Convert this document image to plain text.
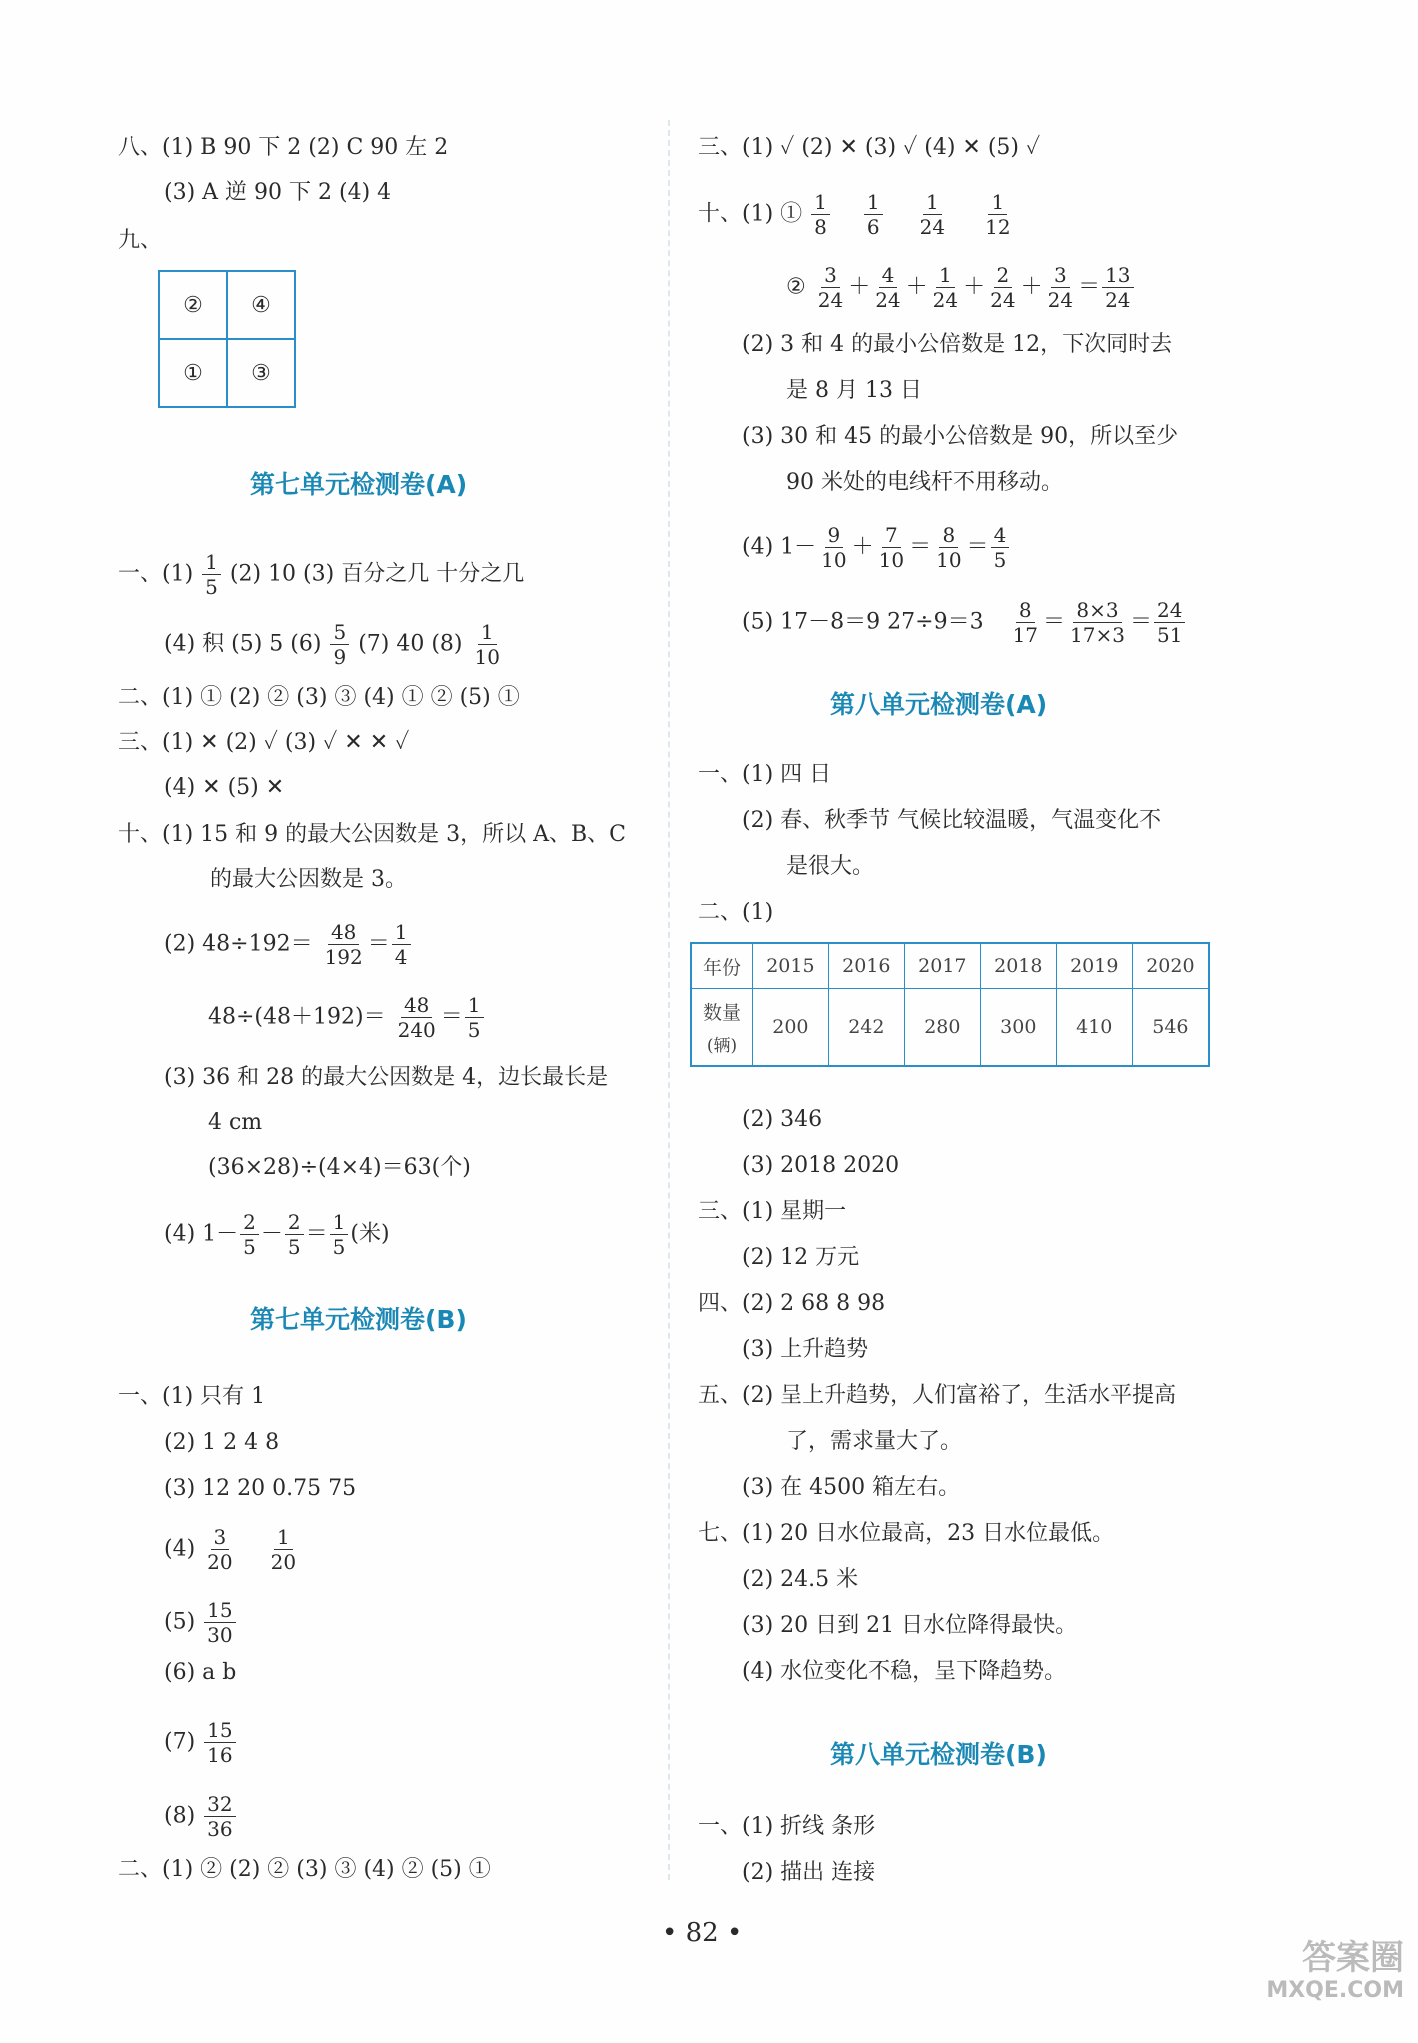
八、(1) B 90 下 2 (2) C 90 左 2
(3) A 逆 90 下 2 (4) 4
九、
②	④
①	③
第七单元检测卷(A)
一、$(1) \frac{1}{5} (2)$ 10 (3) 百分之几 十分之几
(4) 积 (5) 5 $(6) \frac{5}{9} (7)$ 40 $(8) \frac{1}{10}$
二、(1) ① (2) ② (3) ③ (4) ① ② (5) ①
三、(1) ✕ (2) ✓ (3) ✓ ✕ ✕ ✓
(4) ✕ (5) ✕
十、(1) 15 和 9 的最大公因数是 3，所以 A、B、C
的最大公因数是 3。
(2) $48\div 192= \frac{48}{192} = \frac{1}{4}$
$48\div(48+192)= \frac{48}{240} = \frac{1}{5}$
(3) 36 和 28 的最大公因数是 4，边长最长是
4 cm
(36×28)÷(4×4)＝63(个)
(4) $1- \frac{2}{5} - \frac{2}{5} = \frac{1}{5}$ (米)
第七单元检测卷(B)
一、(1) 只有 1
(2) 1 2 4 8
(3) 12 20 0.75 75
$(4) \frac{3}{20}$
$\frac{1}{20}$
$(5) \frac{15}{30}$
(6) a b
$(7) \frac{15}{16}$
$(8) \frac{32}{36}$
二、(1) ② (2) ② (3) ③ (4) ② (5) ①
三、(1) ✓ (2) ✕ (3) ✓ (4) ✕ (5) ✓
十、(1) ① $\frac{1}{8}$
$\frac{1}{6}$
$\frac{1}{24}$
$\frac{1}{12}$
② $\frac{3}{24} + \frac{4}{24} + \frac{1}{24} + \frac{2}{24} + \frac{3}{24} = \frac{13}{24}$
(2) 3 和 4 的最小公倍数是 12，下次同时去
是 8 月 13 日
(3) 30 和 45 的最小公倍数是 90，所以至少
90 米处的电线杆不用移动。
(4) $1- \frac{9}{10} + \frac{7}{10} = \frac{8}{10} = \frac{4}{5}$
(5) 17－8＝9 $27\div 9=3 \frac{8}{17} = \frac{8\times 3}{17\times 3} = \frac{24}{51}$
第八单元检测卷(A)
一、(1) 四 日
(2) 春、秋季节 气候比较温暖，气温变化不
是很大。
二、(1)
年份	2015	2016	2017	2018	2019	2020

数量
(辆)	200	242	280	300	410	546
(2) 346
(3) 2018 2020
三、(1) 星期一
(2) 12 万元
四、(2) 2 68 8 98
(3) 上升趋势
五、(2) 呈上升趋势，人们富裕了，生活水平提高
了，需求量大了。
(3) 在 4500 箱左右。
七、(1) 20 日水位最高，23 日水位最低。
(2) 24.5 米
(3) 20 日到 21 日水位降得最快。
(4) 水位变化不稳，呈下降趋势。
第八单元检测卷(B)
一、(1) 折线 条形
(2) 描出 连接
• 82 •
答案圈
MXQE.COM
